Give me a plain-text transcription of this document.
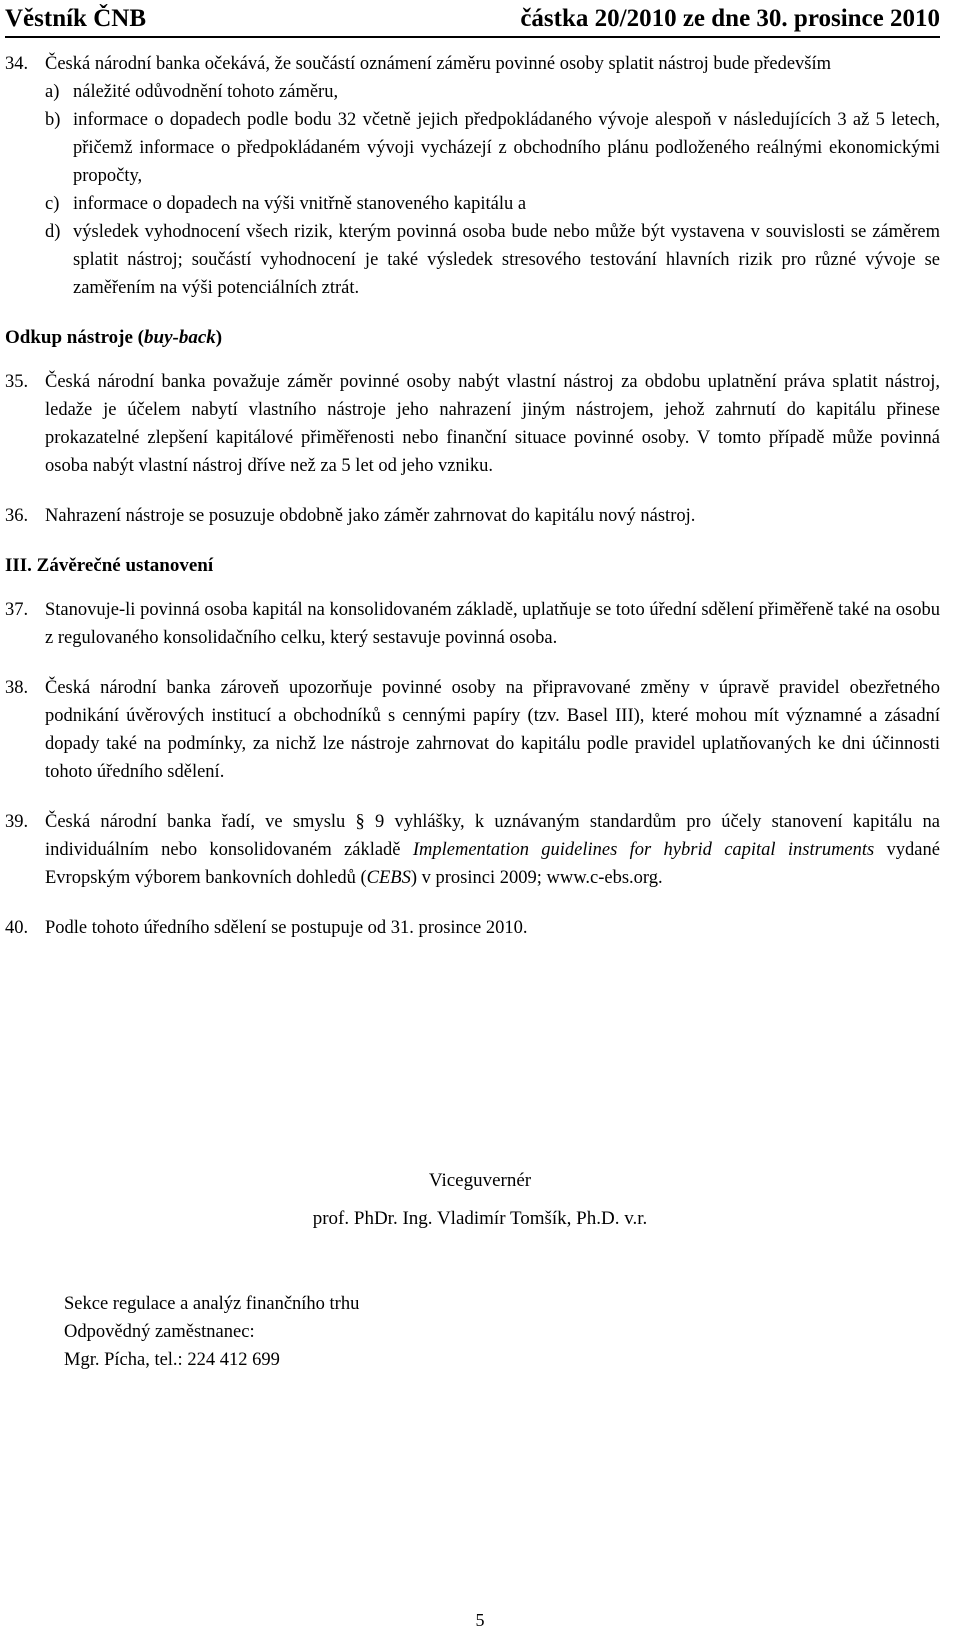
Věstník ČNB	částka 20/2010 ze dne 30. prosince 2010
34. Česká národní banka očekává, že součástí oznámení záměru povinné osoby splatit nástroj bude především
a) náležité odůvodnění tohoto záměru,
b) informace o dopadech podle bodu 32 včetně jejich předpokládaného vývoje alespoň v následujících 3 až 5 letech, přičemž informace o předpokládaném vývoji vycházejí z obchodního plánu podloženého reálnými ekonomickými propočty,
c) informace o dopadech na výši vnitřně stanoveného kapitálu a
d) výsledek vyhodnocení všech rizik, kterým povinná osoba bude nebo může být vystavena v souvislosti se záměrem splatit nástroj; součástí vyhodnocení je také výsledek stresového testování hlavních rizik pro různé vývoje se zaměřením na výši potenciálních ztrát.

Odkup nástroje (buy-back)

35. Česká národní banka považuje záměr povinné osoby nabýt vlastní nástroj za obdobu uplatnění práva splatit nástroj, ledaže je účelem nabytí vlastního nástroje jeho nahrazení jiným nástrojem, jehož zahrnutí do kapitálu přinese prokazatelné zlepšení kapitálové přiměřenosti nebo finanční situace povinné osoby. V tomto případě může povinná osoba nabýt vlastní nástroj dříve než za 5 let od jeho vzniku.
36. Nahrazení nástroje se posuzuje obdobně jako záměr zahrnovat do kapitálu nový nástroj.

III. Závěrečné ustanovení

37. Stanovuje-li povinná osoba kapitál na konsolidovaném základě, uplatňuje se toto úřední sdělení přiměřeně také na osobu z regulovaného konsolidačního celku, který sestavuje povinná osoba.
38. Česká národní banka zároveň upozorňuje povinné osoby na připravované změny v úpravě pravidel obezřetného podnikání úvěrových institucí a obchodníků s cennými papíry (tzv. Basel III), které mohou mít významné a zásadní dopady také na podmínky, za nichž lze nástroje zahrnovat do kapitálu podle pravidel uplatňovaných ke dni účinnosti tohoto úředního sdělení.
39. Česká národní banka řadí, ve smyslu § 9 vyhlášky, k uznávaným standardům pro účely stanovení kapitálu na individuálním nebo konsolidovaném základě Implementation guidelines for hybrid capital instruments vydané Evropským výborem bankovních dohledů (CEBS) v prosinci 2009; www.c-ebs.org.
40. Podle tohoto úředního sdělení se postupuje od 31. prosince 2010.
Viceguvernér
prof. PhDr. Ing. Vladimír Tomšík, Ph.D. v.r.
Sekce regulace a analýz finančního trhu
Odpovědný zaměstnanec:
Mgr. Pícha, tel.: 224 412 699
5
